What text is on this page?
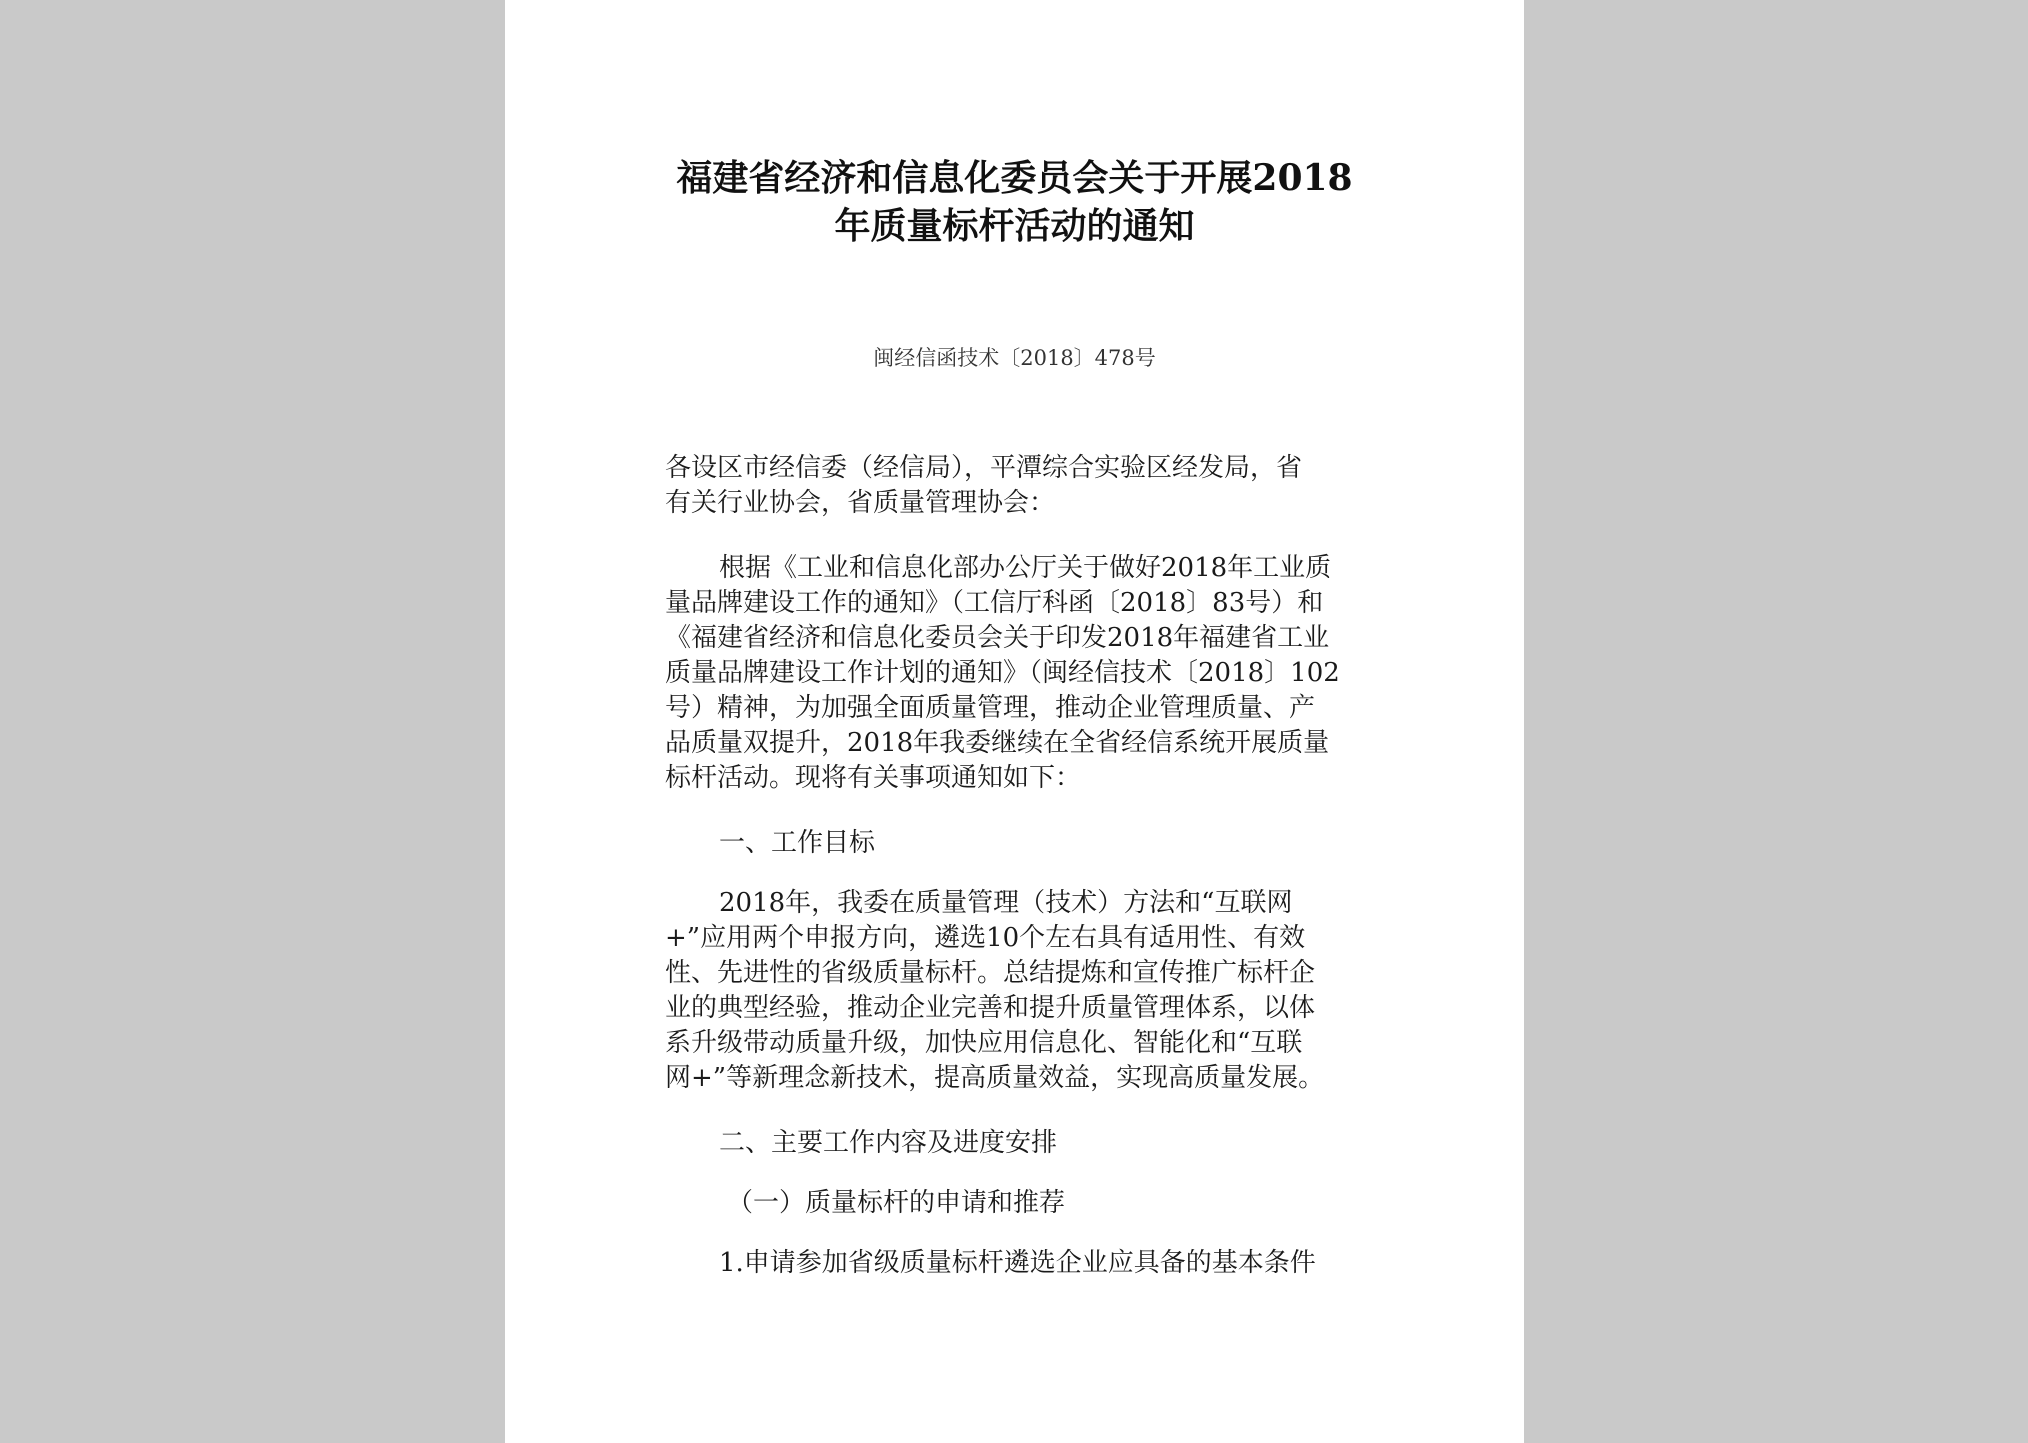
福建省经济和信息化委员会关于开展2018
年质量标杆活动的通知

闽经信函技术〔2018〕478号

各设区市经信委（经信局），平潭综合实验区经发局，省

有关行业协会，省质量管理协会：

根据《工业和信息化部办公厅关于做好2018年工业质

量品牌建设工作的通知》（工信厅科函〔2018〕83号）和

《福建省经济和信息化委员会关于印发2018年福建省工业

质量品牌建设工作计划的通知》（闽经信技术〔2018〕102

号）精神，为加强全面质量管理，推动企业管理质量、产

品质量双提升，2018年我委继续在全省经信系统开展质量

标杆活动。现将有关事项通知如下：

一、工作目标

2018年，我委在质量管理（技术）方法和“互联网

+”应用两个申报方向，遴选10个左右具有适用性、有效

性、先进性的省级质量标杆。总结提炼和宣传推广标杆企

业的典型经验，推动企业完善和提升质量管理体系，以体

系升级带动质量升级，加快应用信息化、智能化和“互联

网+”等新理念新技术，提高质量效益，实现高质量发展。

二、主要工作内容及进度安排

（一）质量标杆的申请和推荐

1.申请参加省级质量标杆遴选企业应具备的基本条件
